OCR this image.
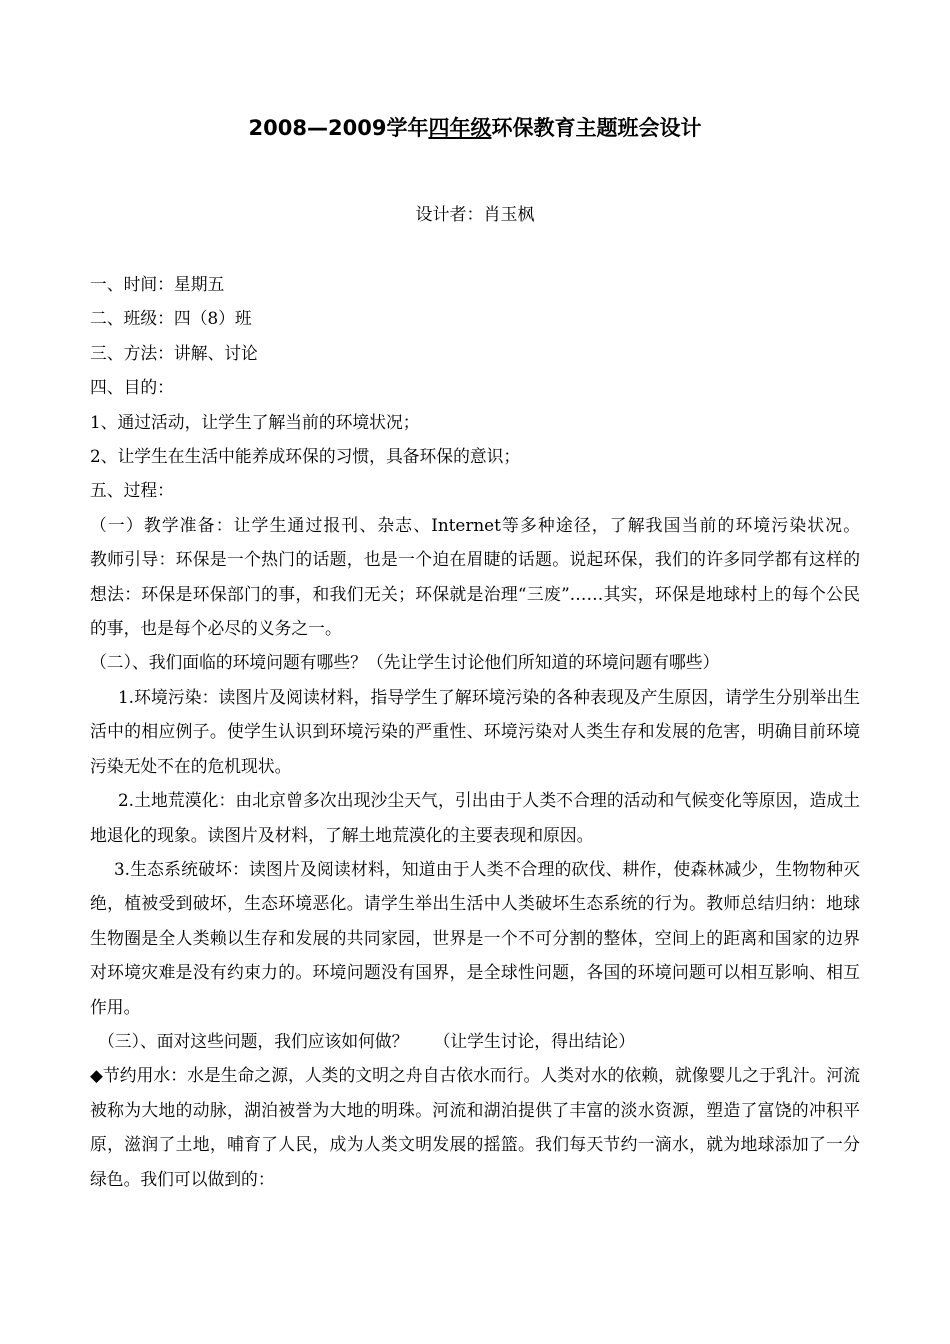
2008—2009学年四年级环保教育主题班会设计
设计者：肖玉枫

一、时间：星期五

二、班级：四（8）班

三、方法：讲解、讨论

四、目的：

1、通过活动，让学生了解当前的环境状况；

2、让学生在生活中能养成环保的习惯，具备环保的意识；

五、过程：

（一）教学准备：让学生通过报刊、杂志、Internet等多种途径，了解我国当前的环境污染状况。

教师引导：环保是一个热门的话题，也是一个迫在眉睫的话题。说起环保，我们的许多同学都有这样的想法：环保是环保部门的事，和我们无关；环保就是治理“三废”……其实，环保是地球村上的每个公民的事，也是每个必尽的义务之一。

（二）、我们面临的环境问题有哪些？（先让学生讨论他们所知道的环境问题有哪些）

1.环境污染：读图片及阅读材料，指导学生了解环境污染的各种表现及产生原因，请学生分别举出生活中的相应例子。使学生认识到环境污染的严重性、环境污染对人类生存和发展的危害，明确目前环境污染无处不在的危机现状。

2.土地荒漠化：由北京曾多次出现沙尘天气，引出由于人类不合理的活动和气候变化等原因，造成土地退化的现象。读图片及材料，了解土地荒漠化的主要表现和原因。

3.生态系统破坏：读图片及阅读材料，知道由于人类不合理的砍伐、耕作，使森林减少，生物物种灭绝，植被受到破坏，生态环境恶化。请学生举出生活中人类破坏生态系统的行为。教师总结归纳：地球生物圈是全人类赖以生存和发展的共同家园，世界是一个不可分割的整体，空间上的距离和国家的边界对环境灾难是没有约束力的。环境问题没有国界，是全球性问题，各国的环境问题可以相互影响、相互作用。

（三）、面对这些问题，我们应该如何做？　　（让学生讨论，得出结论）

◆节约用水：水是生命之源，人类的文明之舟自古依水而行。人类对水的依赖，就像婴儿之于乳汁。河流被称为大地的动脉，湖泊被誉为大地的明珠。河流和湖泊提供了丰富的淡水资源，塑造了富饶的冲积平原，滋润了土地，哺育了人民，成为人类文明发展的摇篮。我们每天节约一滴水，就为地球添加了一分绿色。我们可以做到的：
